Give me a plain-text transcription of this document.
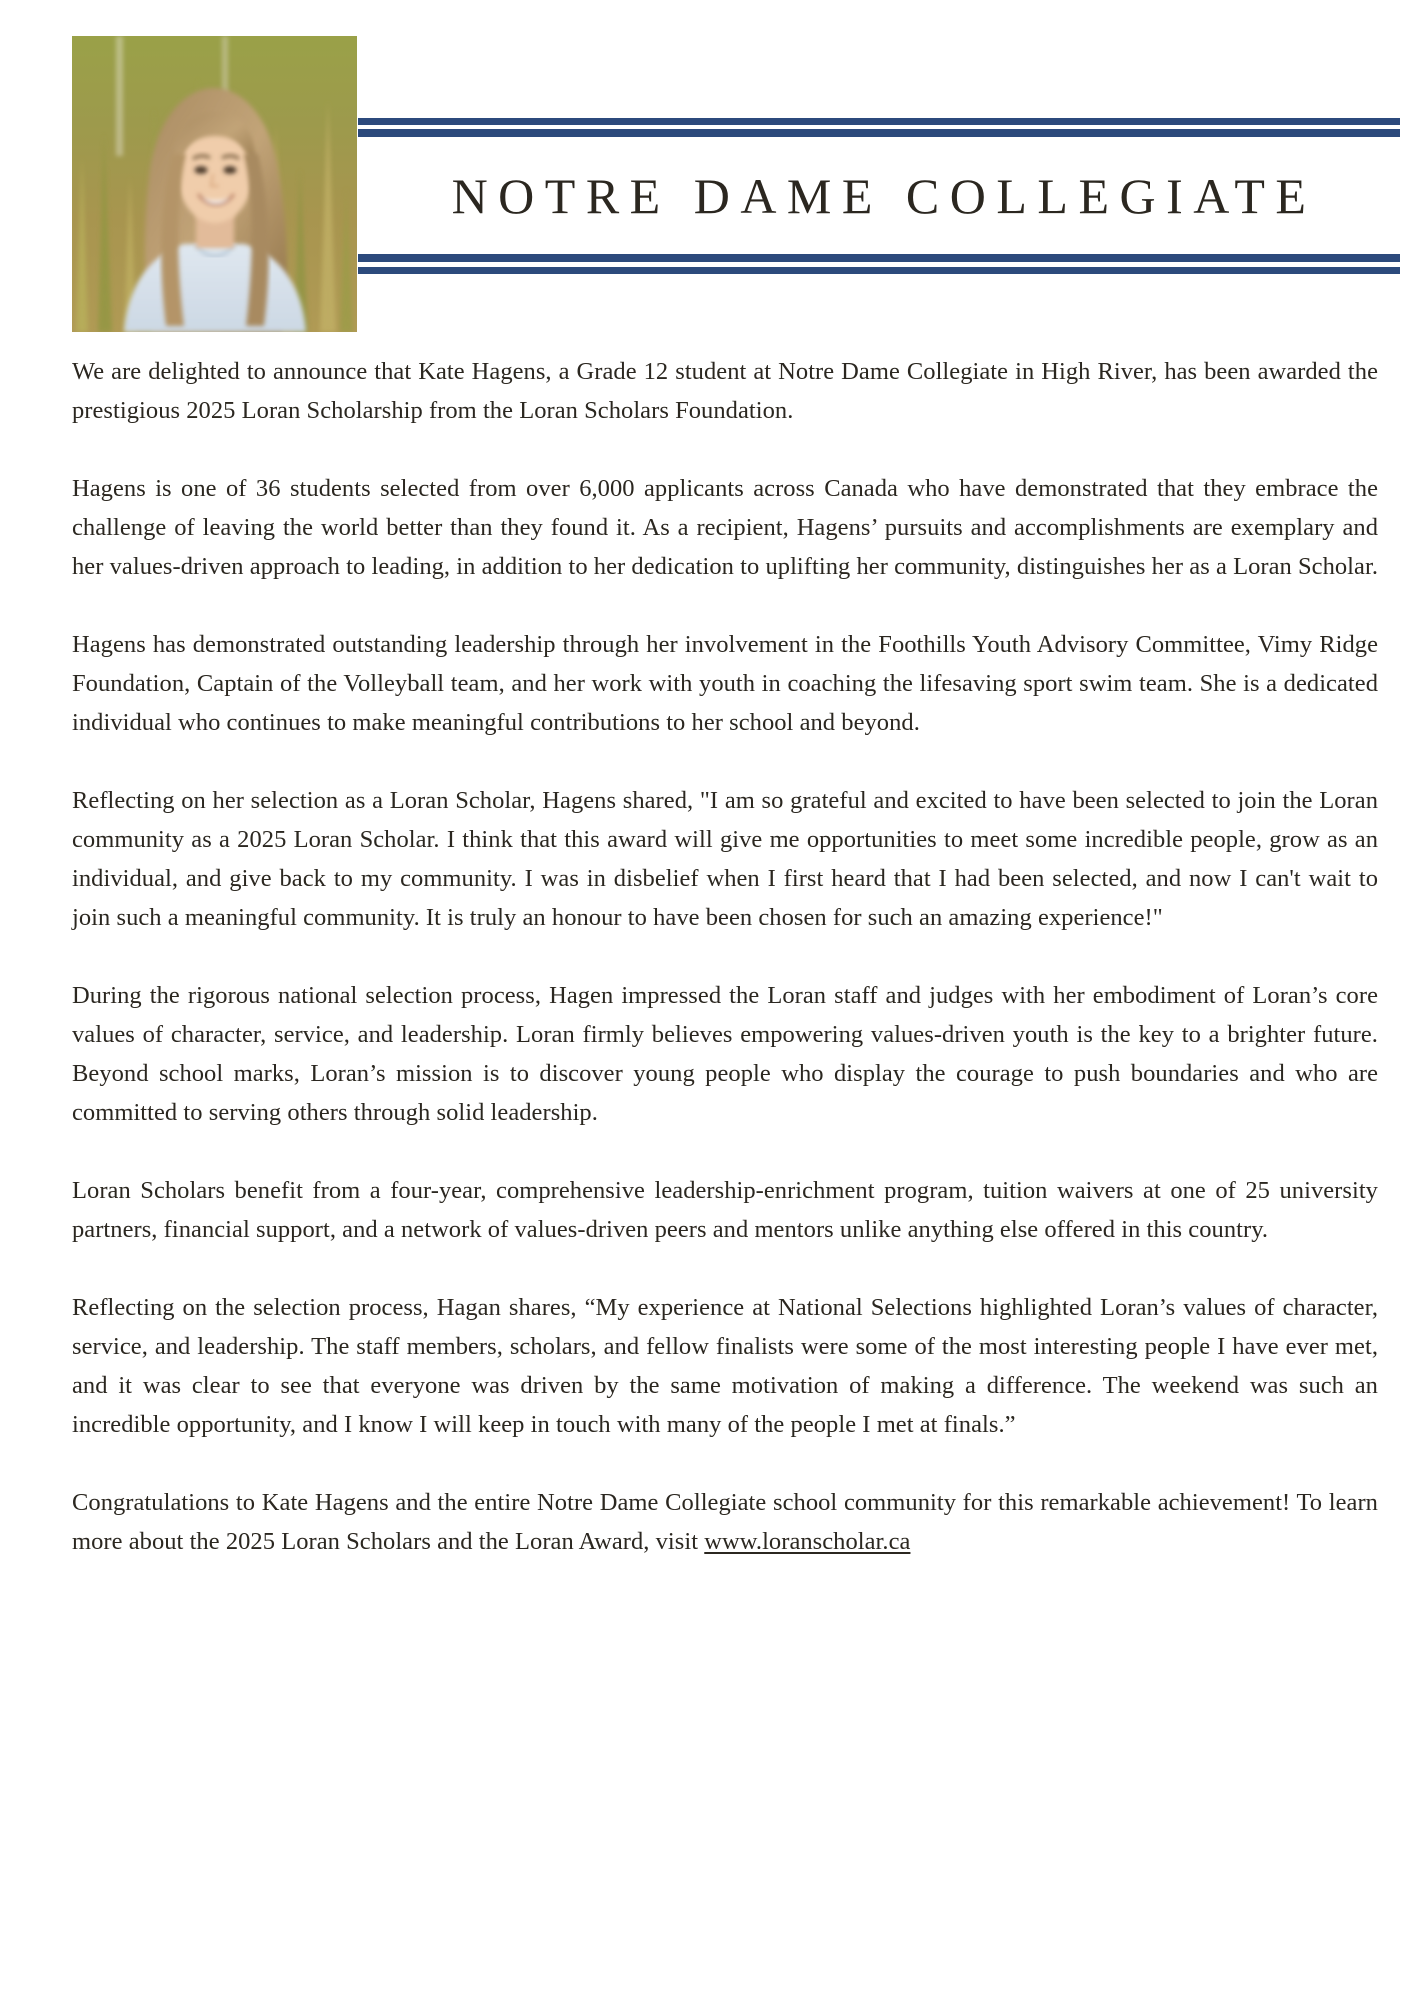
NOTRE DAME COLLEGIATE

We are delighted to announce that Kate Hagens, a Grade 12 student at Notre Dame Collegiate in High River, has been awarded the prestigious 2025 Loran Scholarship from the Loran Scholars Foundation.

Hagens is one of 36 students selected from over 6,000 applicants across Canada who have demonstrated that they embrace the challenge of leaving the world better than they found it. As a recipient, Hagens’ pursuits and accomplishments are exemplary and her values-driven approach to leading, in addition to her dedication to uplifting her community, distinguishes her as a Loran Scholar.

Hagens has demonstrated outstanding leadership through her involvement in the Foothills Youth Advisory Committee, Vimy Ridge Foundation, Captain of the Volleyball team, and her work with youth in coaching the lifesaving sport swim team. She is a dedicated individual who continues to make meaningful contributions to her school and beyond.

Reflecting on her selection as a Loran Scholar, Hagens shared, "I am so grateful and excited to have been selected to join the Loran community as a 2025 Loran Scholar. I think that this award will give me opportunities to meet some incredible people, grow as an individual, and give back to my community. I was in disbelief when I first heard that I had been selected, and now I can't wait to join such a meaningful community. It is truly an honour to have been chosen for such an amazing experience!"

During the rigorous national selection process, Hagen impressed the Loran staff and judges with her embodiment of Loran’s core values of character, service, and leadership. Loran firmly believes empowering values-driven youth is the key to a brighter future. Beyond school marks, Loran’s mission is to discover young people who display the courage to push boundaries and who are committed to serving others through solid leadership.

Loran Scholars benefit from a four-year, comprehensive leadership-enrichment program, tuition waivers at one of 25 university partners, financial support, and a network of values-driven peers and mentors unlike anything else offered in this country.

Reflecting on the selection process, Hagan shares, “My experience at National Selections highlighted Loran’s values of character, service, and leadership. The staff members, scholars, and fellow finalists were some of the most interesting people I have ever met, and it was clear to see that everyone was driven by the same motivation of making a difference. The weekend was such an incredible opportunity, and I know I will keep in touch with many of the people I met at finals.”

Congratulations to Kate Hagens and the entire Notre Dame Collegiate school community for this remarkable achievement! To learn more about the 2025 Loran Scholars and the Loran Award, visit www.loranscholar.ca
